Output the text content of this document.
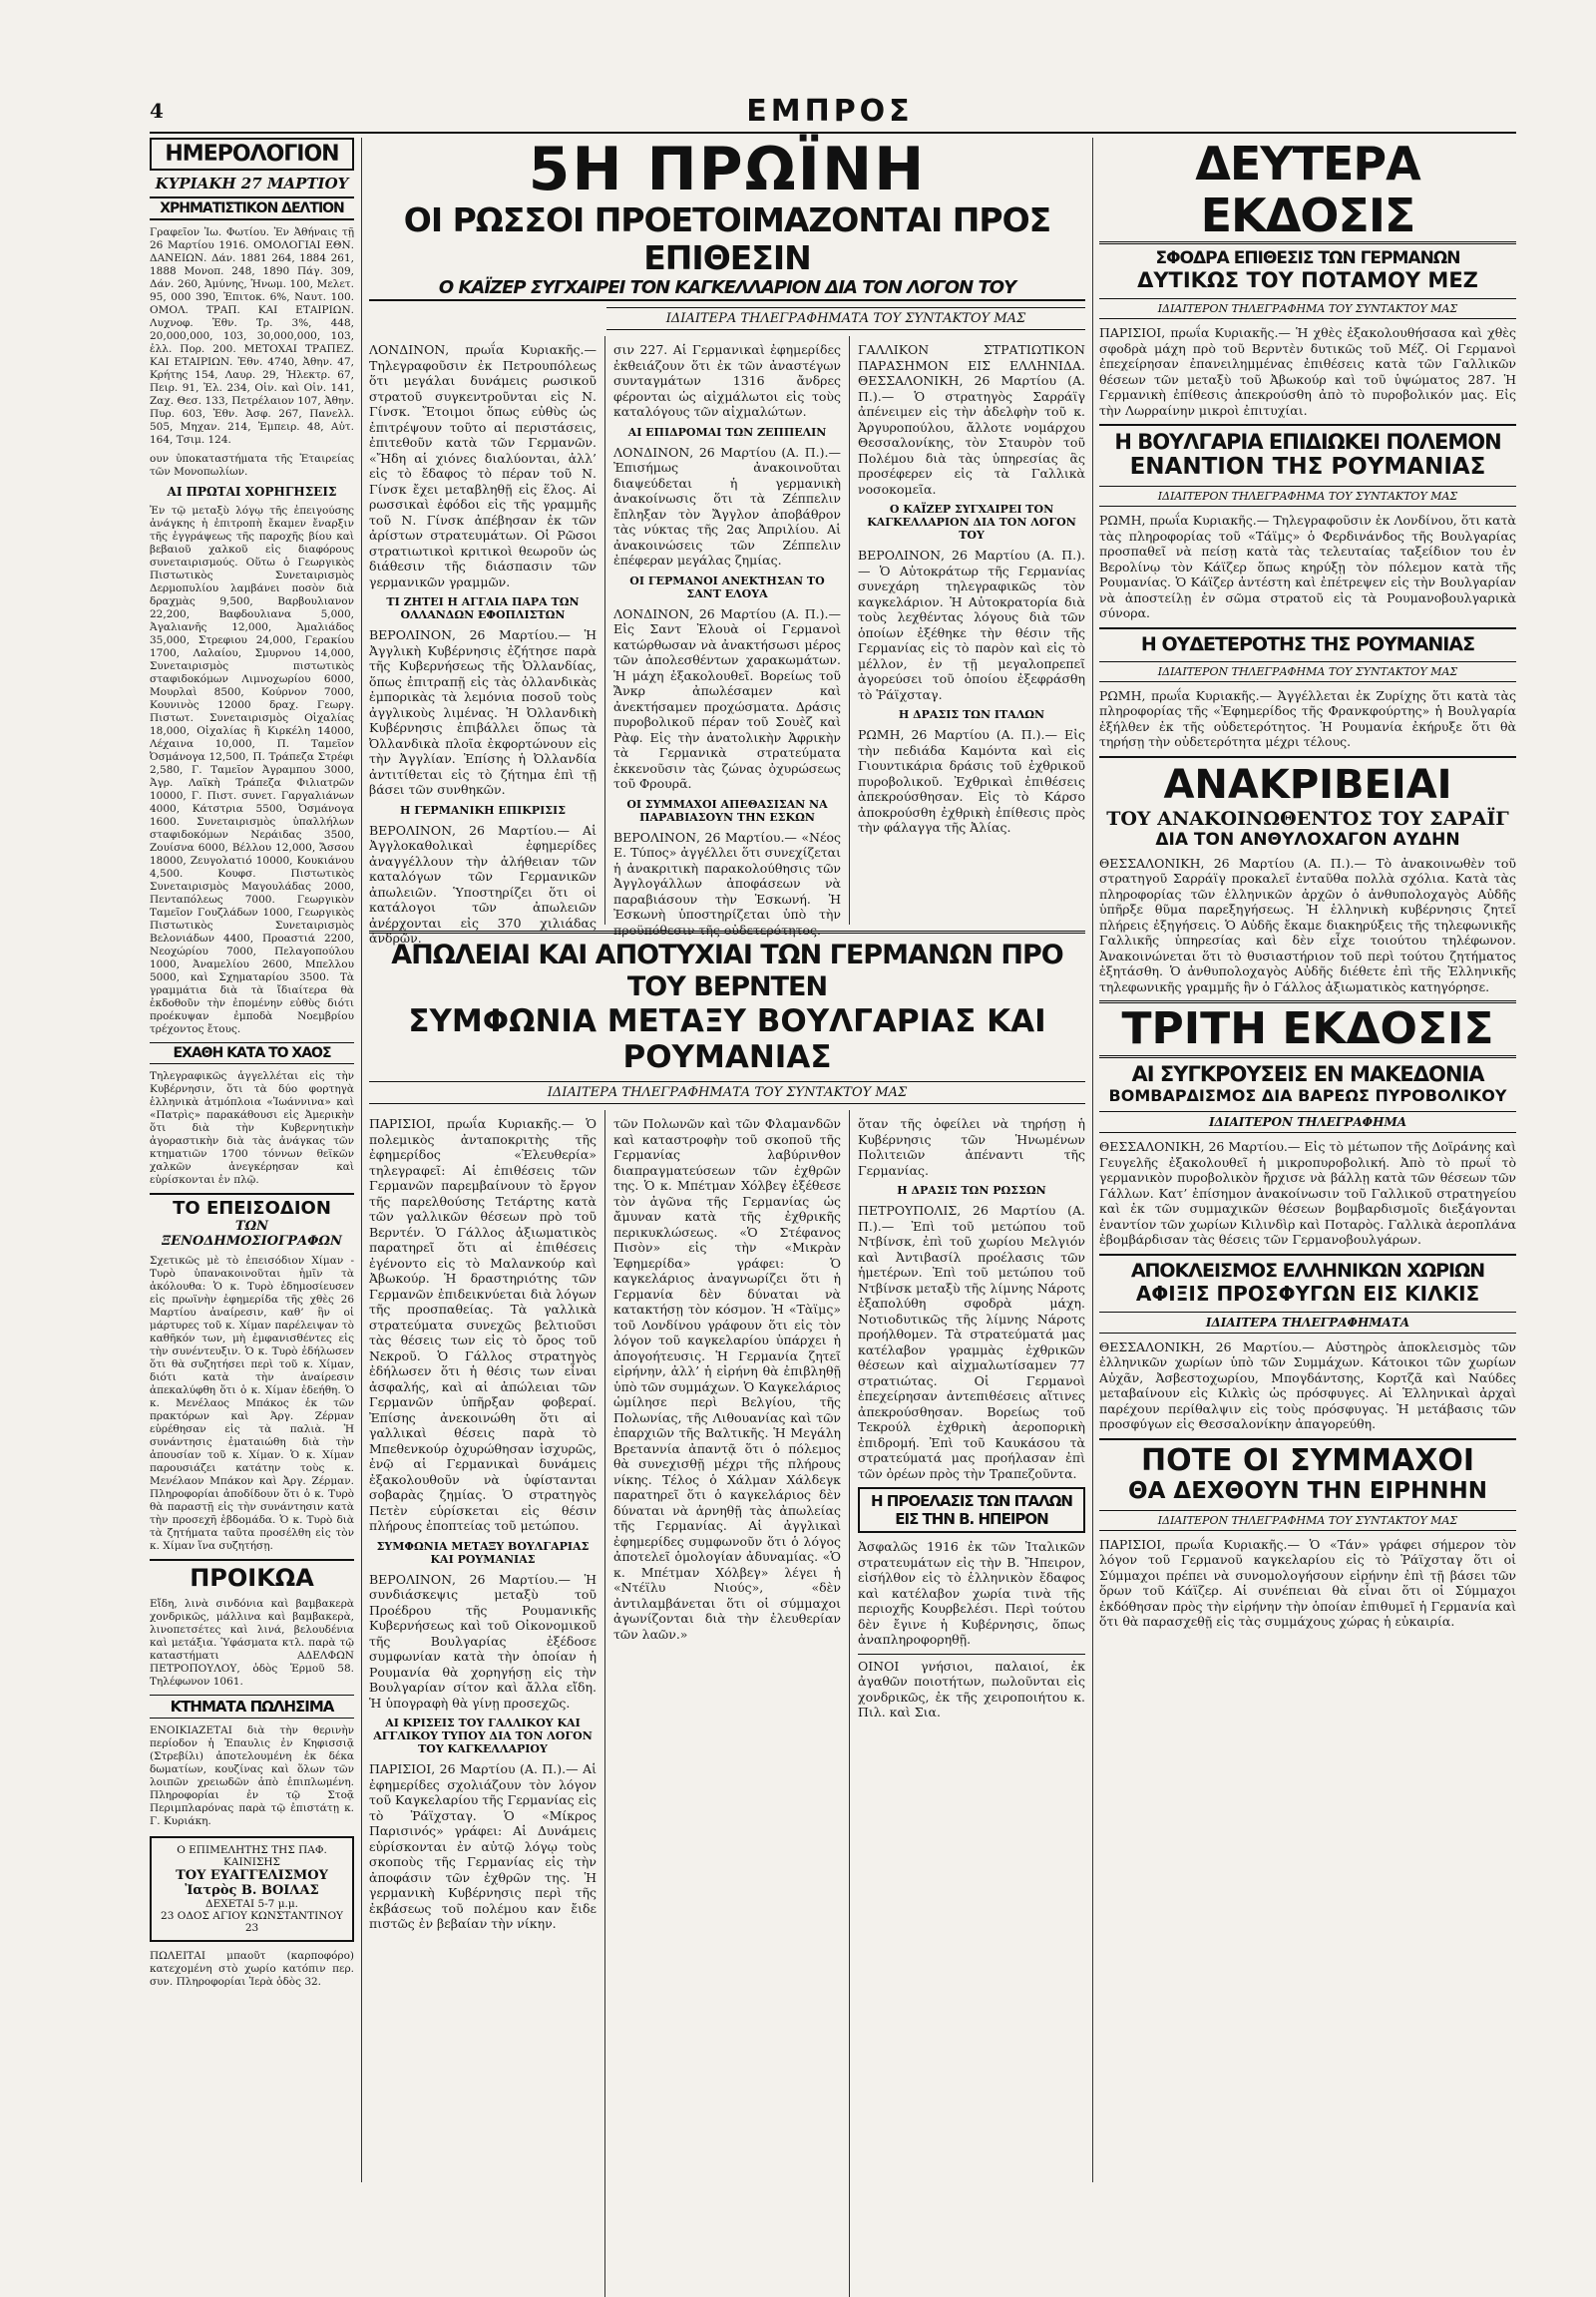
4	ΕΜΠΡΟΣ
ΗΜΕΡΟΛΟΓΙΟΝ
ΚΥΡΙΑΚΗ 27 ΜΑΡΤΙΟΥ
ΧΡΗΜΑΤΙΣΤΙΚΟΝ ΔΕΛΤΙΟΝ

Γραφεῖον Ἰω. Φωτίου. Ἐν Ἀθήναις τῇ 26 Μαρτίου 1916. ΟΜΟΛΟΓΙΑΙ ΕΘΝ. ΔΑΝΕΙΩΝ. Δάν. 1881 264, 1884 261, 1888 Μονοπ. 248, 1890 Πάγ. 309, Δάν. 260, Ἀμύνης, Ἠνωμ. 100, Μελετ. 95, 000 390, Ἐπιτοκ. 6%, Ναυτ. 100. ΟΜΟΛ. ΤΡΑΠ. ΚΑΙ ΕΤΑΙΡΙΩΝ. Λυχνοφ. Ἐθν. Τρ. 3%, 448, 20,000,000, 103, 30,000,000, 103, ἐλλ. Πορ. 200. ΜΕΤΟΧΑΙ ΤΡΑΠΕΖ. ΚΑΙ ΕΤΑΙΡΙΩΝ. Ἐθν. 4740, Ἀθην. 47, Κρήτης 154, Λαυρ. 29, Ἠλεκτρ. 67, Πειρ. 91, Ἐλ. 234, Οἰν. καὶ Οἰν. 141, Ζαχ. Θεσ. 133, Πετρέλαιον 107, Ἀθην. Πυρ. 603, Ἐθν. Ἀσφ. 267, Πανελλ. 505, Μηχαν. 214, Ἐμπειρ. 48, Αὐτ. 164, Τσιμ. 124.

ουν ὑποκαταστήματα τῆς Ἑταιρείας τῶν Μονοπωλίων.

ΑΙ ΠΡΩΤΑΙ ΧΟΡΗΓΗΣΕΙΣ

Ἐν τῷ μεταξὺ λόγῳ τῆς ἐπειγούσης ἀνάγκης ἡ ἐπιτροπὴ ἔκαμεν ἔναρξιν τῆς ἐγγράψεως τῆς παροχῆς βίου καὶ βεβαιοῦ χαλκοῦ εἰς διαφόρους συνεταιρισμούς. Οὕτω ὁ Γεωργικὸς Πιστωτικὸς Συνεταιρισμὸς Δερμοπυλίου λαμβάνει ποσὸν διὰ δραχμὰς 9,500, Βαρβουλιανον 22,200, Βαφδουλιανα 5,000, Ἀγαλιανῆς 12,000, Ἀμαλιάδος 35,000, Στρεφιου 24,000, Γερακίου 1700, Λαλαίου, Σμυρνου 14,000, Συνεταιρισμὸς πιστωτικὸς σταφιδοκόμων Λιμνοχωρίου 6000, Μουρλαὶ 8500, Κούρνον 7000, Κουνινὸς 12000 δραχ. Γεωργ. Πιστωτ. Συνεταιρισμὸς Οἰχαλίας 18,000, Οἰχαλίας ἢ Κιρκέλη 14000, Λέχαινα 10,000, Π. Ταμεῖον Ὀσμάνογα 12,500, Π. Τράπεζα Στρέφι 2,580, Γ. Ταμεῖον Ἀγραμπου 3000, Ἀγρ. Λαϊκὴ Τράπεζα Φιλιατρῶν 10000, Γ. Πιστ. συνετ. Γαργαλιάνων 4000, Κάτστρια 5500, Ὀσμάνογα 1600. Συνεταιρισμὸς ὑπαλλήλων σταφιδοκόμων Νεράιδας 3500, Ζουίσνα 6000, Βέλλου 12,000, Ἄσσου 18000, Ζευγολατιό 10000, Κουκιάνου 4,500. Κουφσ. Πιστωτικὸς Συνεταιρισμὸς Μαγουλάδας 2000, Πενταπόλεως 7000. Γεωργικὸν Ταμεῖον Γουζλάδων 1000, Γεωργικὸς Πιστωτικὸς Συνεταιρισμὸς Βελονιάδων 4400, Προαστιά 2200, Νεοχώρίου 7000, Πελαγοπούλου 1000, Ἀναμελίου 2600, Μπελλου 5000, καὶ Σχηματαρίου 3500. Τὰ γραμμάτια διὰ τὰ ἴδιαίτερα θὰ ἐκδοθοῦν τὴν ἐπομένην εὐθὺς διότι προέκυψαν ἐμποδὰ Νοεμβρίου τρέχοντος ἔτους.

ΕΧΑΘΗ ΚΑΤΑ ΤΟ ΧΑΟΣ

Τηλεγραφικῶς ἀγγελλέται εἰς τὴν Κυβέρνησιν, ὅτι τὰ δύο φορτηγὰ ἑλληνικὰ ἀτμόπλοια «Ἰωάννινα» καὶ «Πατρὶς» παρακάθουσι εἰς Ἀμερικὴν ὅτι διὰ τὴν Κυβερνητικὴν ἀγοραστικὴν διὰ τὰς ἀνάγκας τῶν κτηματιῶν 1700 τόννων θεϊκῶν χαλκῶν ἀνεγκέρησαν καὶ εὑρίσκονται ἐν πλῷ.

ΤΟ ΕΠΕΙΣΟΔΙΟΝ
ΤΩΝ ΞΕΝΟΔΗΜΟΣΙΟΓΡΑΦΩΝ

Σχετικῶς μὲ τὸ ἐπεισόδιον Χίμαν - Τυρὸ ὑπανακοινοῦται ἡμῖν τὰ ἀκόλουθα: Ὁ κ. Τυρὸ ἐδημοσίευσεν εἰς πρωϊνὴν ἐφημερίδα τῆς χθὲς 26 Μαρτίου ἀναίρεσιν, καθ’ ἣν οἱ μάρτυρες τοῦ κ. Χίμαν παρέλειψαν τὸ καθῆκόν των, μὴ ἐμφανισθέντες εἰς τὴν συνέντευξιν. Ὁ κ. Τυρὸ ἐδήλωσεν ὅτι θὰ συζητήσει περὶ τοῦ κ. Χίμαν, διότι κατὰ τὴν ἀναίρεσιν ἀπεκαλύφθη ὅτι ὁ κ. Χίμαν ἐδεήθη. Ὁ κ. Μενέλαος Μπάκος ἐκ τῶν πρακτόρων καὶ Ἀργ. Ζέρμαν εὑρέθησαν εἰς τὰ παλιὰ. Ἡ συνάντησις ἐματαιώθη διὰ τὴν ἀπουσίαν τοῦ κ. Χίμαν. Ὁ κ. Χίμαν παρουσιάζει κατάτην τοὺς κ. Μενέλαον Μπάκον καὶ Ἀργ. Ζέρμαν. Πληροφορίαι ἀποδίδουν ὅτι ὁ κ. Τυρὸ θὰ παραστῇ εἰς τὴν συνάντησιν κατὰ τὴν προσεχῆ ἑβδομάδα. Ὁ κ. Τυρὸ διὰ τὰ ζητήματα ταῦτα προσέλθη εἰς τὸν κ. Χίμαν ἵνα συζητήσῃ.

ΠΡΟΙΚΩΑ

Εἴδη, λινὰ σινδόνια καὶ βαμβακερὰ χονδρικῶς, μάλλινα καὶ βαμβακερὰ, λινοπετσέτες καὶ λινά, βελουδένια καὶ μετάξια. Ὑφάσματα κτλ. παρὰ τῷ καταστήματι ΑΔΕΛΦΩΝ ΠΕΤΡΟΠΟΥΛΟΥ, ὁδὸς Ἑρμοῦ 58. Τηλέφωνον 1061.

ΚΤΗΜΑΤΑ ΠΩΛΗΣΙΜΑ

ΕΝΟΙΚΙΑΖΕΤΑΙ διὰ τὴν θερινὴν περίοδον ἡ Ἐπαυλις ἐν Κηφισσιᾷ (Στρεβίλι) ἀποτελουμένη ἐκ δέκα δωματίων, κουζίνας καὶ ὅλων τῶν λοιπῶν χρειωδῶν ἀπὸ ἐπιπλωμένη. Πληροφορίαι ἐν τῷ Στοᾷ Περιμπλαρόνας παρὰ τῷ ἐπιστάτῃ κ. Γ. Κυριάκη.

Ο ΕΠΙΜΕΛΗΤΗΣ ΤΗΣ ΠΑΦ. ΚΑΙΝΙΣΗΣ
ΤΟΥ ΕΥΑΓΓΕΛΙΣΜΟΥ
Ἰατρὸς Β. ΒΟΙΛΑΣ
ΔΕΧΕΤΑΙ 5-7 μ.μ.
23 ΟΔΟΣ ΑΓΙΟΥ ΚΩΝΣΤΑΝΤΙΝΟΥ 23

ΠΩΛΕΙΤΑΙ μπαοῦτ (καρποφόρο) κατεχομένη στὸ χωρίο κατόπιν περ. συν. Πληροφορίαι Ἱερὰ ὁδὸς 32.

5Η ΠΡΩΪΝΗ
ΟΙ ΡΩΣΣΟΙ ΠΡΟΕΤΟΙΜΑΖΟΝΤΑΙ ΠΡΟΣ ΕΠΙΘΕΣΙΝ
Ο ΚΑΪΖΕΡ ΣΥΓΧΑΙΡΕΙ ΤΟΝ ΚΑΓΚΕΛΛΑΡΙΟΝ ΔΙΑ ΤΟΝ ΛΟΓΟΝ ΤΟΥ
ΙΔΙΑΙΤΕΡΑ ΤΗΛΕΓΡΑΦΗΜΑΤΑ ΤΟΥ ΣΥΝΤΑΚΤΟΥ ΜΑΣ

ΛΟΝΔΙΝΟΝ, πρωΐα Κυριακῆς.— Τηλεγραφοῦσιν ἐκ Πετρουπόλεως ὅτι μεγάλαι δυνάμεις ρωσικοῦ στρατοῦ συγκεντροῦνται εἰς Ν. Γίνσκ. Ἔτοιμοι ὅπως εὐθὺς ὡς ἐπιτρέψουν τοῦτο αἱ περιστάσεις, ἐπιτεθοῦν κατὰ τῶν Γερμανῶν. «Ἤδη αἱ χιόνες διαλύονται, ἀλλ’ εἰς τὸ ἔδαφος τὸ πέραν τοῦ Ν. Γίνσκ ἔχει μεταβληθῇ εἰς ἕλος. Αἱ ρωσσικαὶ ἐφόδοι εἰς τῆς γραμμῆς τοῦ Ν. Γίνσκ ἀπέβησαν ἐκ τῶν ἀρίστων στρατευμάτων. Οἱ Ρῶσοι στρατιωτικοὶ κριτικοὶ θεωροῦν ὡς διάθεσιν τῆς διάσπασιν τῶν γερμανικῶν γραμμῶν.

ΤΙ ΖΗΤΕΙ Η ΑΓΓΛΙΑ ΠΑΡΑ ΤΩΝ ΟΛΛΑΝΔΩΝ ΕΦΟΠΛΙΣΤΩΝ

ΒΕΡΟΛΙΝΟΝ, 26 Μαρτίου.— Ἡ Ἀγγλικὴ Κυβέρνησις ἐζήτησε παρὰ τῆς Κυβερνήσεως τῆς Ὀλλανδίας, ὅπως ἐπιτραπῇ εἰς τὰς ὀλλανδικὰς ἐμπορικὰς τὰ λεμόνια ποσοῦ τοὺς ἀγγλικοὺς λιμένας. Ἡ Ὀλλανδικὴ Κυβέρνησις ἐπιβάλλει ὅπως τὰ Ὀλλανδικὰ πλοῖα ἐκφορτώνουν εἰς τὴν Ἀγγλίαν. Ἐπίσης ἡ Ὀλλανδία ἀντιτίθεται εἰς τὸ ζήτημα ἐπὶ τῇ βάσει τῶν συνθηκῶν.

Η ΓΕΡΜΑΝΙΚΗ ΕΠΙΚΡΙΣΙΣ

ΒΕΡΟΛΙΝΟΝ, 26 Μαρτίου.— Αἱ Ἀγγλοκαθολικαὶ ἐφημερίδες ἀναγγέλλουν τὴν ἀλήθειαν τῶν καταλόγων τῶν Γερμανικῶν ἀπωλειῶν. Ὑποστηρίζει ὅτι οἱ κατάλογοι τῶν ἀπωλειῶν ἀνέρχονται εἰς 370 χιλιάδας ἀνδρῶν.

σιν 227. Αἱ Γερμανικαὶ ἐφημερίδες ἐκθειάζουν ὅτι ἐκ τῶν ἀναστέγων συνταγμάτων 1316 ἄνδρες φέρονται ὡς αἰχμάλωτοι εἰς τοὺς καταλόγους τῶν αἰχμαλώτων.

ΑΙ ΕΠΙΔΡΟΜΑΙ ΤΩΝ ΖΕΠΠΕΛΙΝ

ΛΟΝΔΙΝΟΝ, 26 Μαρτίου (Α. Π.).— Ἐπισήμως ἀνακοινοῦται διαψεύδεται ἡ γερμανικὴ ἀνακοίνωσις ὅτι τὰ Ζέππελιν ἔπληξαν τὸν Ἄγγλον ἀποβάθρον τὰς νύκτας τῆς 2ας Ἀπριλίου. Αἱ ἀνακοινώσεις τῶν Ζέππελιν ἐπέφεραν μεγάλας ζημίας.

ΟΙ ΓΕΡΜΑΝΟΙ ΑΝΕΚΤΗΣΑΝ ΤΟ ΣΑΝΤ ΕΛΟΥΑ

ΛΟΝΔΙΝΟΝ, 26 Μαρτίου (Α. Π.).— Εἰς Σαντ Ἐλουὰ οἱ Γερμανοὶ κατώρθωσαν νὰ ἀνακτήσωσι μέρος τῶν ἀπολεσθέντων χαρακωμάτων. Ἡ μάχη ἐξακολουθεῖ. Βορείως τοῦ Ἄνκρ ἀπωλέσαμεν καὶ ἀνεκτήσαμεν προχώσματα. Δράσις πυροβολικοῦ πέραν τοῦ Σουὲζ καὶ Ρὰφ. Εἰς τὴν ἀνατολικὴν Ἀφρικὴν τὰ Γερμανικὰ στρατεύματα ἐκκενοῦσιν τὰς ζώνας ὀχυρώσεως τοῦ Φρουρᾶ.

ΟΙ ΣΥΜΜΑΧΟΙ ΑΠΕΘΑΣΙΣΑΝ ΝΑ ΠΑΡΑΒΙΑΣΟΥΝ ΤΗΝ ΕΣΚΩΝ

ΒΕΡΟΛΙΝΟΝ, 26 Μαρτίου.— «Νέος Ε. Τύπος» ἀγγέλλει ὅτι συνεχίζεται ἡ ἀνακριτικὴ παρακολούθησις τῶν Ἀγγλογάλλων ἀποφάσεων νὰ παραβιάσουν τὴν Ἑσκωνή. Ἡ Ἐσκωνὴ ὑποστηρίζεται ὑπὸ τὴν προϋπόθεσιν τῆς οὐδετερότητος.

ΓΑΛΛΙΚΟΝ ΣΤΡΑΤΙΩΤΙΚΟΝ ΠΑΡΑΣΗΜΟΝ ΕΙΣ ΕΛΛΗΝΙΔΑ. ΘΕΣΣΑΛΟΝΙΚΗ, 26 Μαρτίου (Α. Π.).— Ὁ στρατηγὸς Σαρράϊγ ἀπένειμεν εἰς τὴν ἀδελφὴν τοῦ κ. Ἀργυροπούλου, ἄλλοτε νομάρχου Θεσσαλονίκης, τὸν Σταυρὸν τοῦ Πολέμου διὰ τὰς ὑπηρεσίας ἃς προσέφερεν εἰς τὰ Γαλλικὰ νοσοκομεῖα.

Ο ΚΑΪΖΕΡ ΣΥΓΧΑΙΡΕΙ ΤΟΝ ΚΑΓΚΕΛΛΑΡΙΟΝ ΔΙΑ ΤΟΝ ΛΟΓΟΝ ΤΟΥ

ΒΕΡΟΛΙΝΟΝ, 26 Μαρτίου (Α. Π.).— Ὁ Αὐτοκράτωρ τῆς Γερμανίας συνεχάρη τηλεγραφικῶς τὸν καγκελάριον. Ἡ Αὐτοκρατορία διὰ τοὺς λεχθέντας λόγους διὰ τῶν ὁποίων ἐξέθηκε τὴν θέσιν τῆς Γερμανίας εἰς τὸ παρὸν καὶ εἰς τὸ μέλλον, ἐν τῇ μεγαλοπρεπεῖ ἀγορεύσει τοῦ ὁποίου ἐξεφράσθη τὸ Ῥάϊχσταγ.

Η ΔΡΑΣΙΣ ΤΩΝ ΙΤΑΛΩΝ

ΡΩΜΗ, 26 Μαρτίου (Α. Π.).— Εἰς τὴν πεδιάδα Καμόντα καὶ εἰς Γιουντικάρια δράσις τοῦ ἐχθρικοῦ πυροβολικοῦ. Ἐχθρικαὶ ἐπιθέσεις ἀπεκρούσθησαν. Εἰς τὸ Κάρσο ἀποκρούσθη ἐχθρικὴ ἐπίθεσις πρὸς τὴν φάλαγγα τῆς Ἀλίας.

ΑΠΩΛΕΙΑΙ ΚΑΙ ΑΠΟΤΥΧΙΑΙ ΤΩΝ ΓΕΡΜΑΝΩΝ ΠΡΟ ΤΟΥ ΒΕΡΝΤΕΝ
ΣΥΜΦΩΝΙΑ ΜΕΤΑΞΥ ΒΟΥΛΓΑΡΙΑΣ ΚΑΙ ΡΟΥΜΑΝΙΑΣ
ΙΔΙΑΙΤΕΡΑ ΤΗΛΕΓΡΑΦΗΜΑΤΑ ΤΟΥ ΣΥΝΤΑΚΤΟΥ ΜΑΣ

ΠΑΡΙΣΙΟΙ, πρωΐα Κυριακῆς.— Ὁ πολεμικὸς ἀνταποκριτὴς τῆς ἐφημερίδος «Ἐλευθερία» τηλεγραφεῖ: Αἱ ἐπιθέσεις τῶν Γερμανῶν παρεμβαίνουν τὸ ἔργον τῆς παρελθούσης Τετάρτης κατὰ τῶν γαλλικῶν θέσεων πρὸ τοῦ Βερντέν. Ὁ Γάλλος ἀξιωματικὸς παρατηρεῖ ὅτι αἱ ἐπιθέσεις ἐγένοντο εἰς τὸ Μαλανκούρ καὶ Ἀβωκούρ. Ἡ δραστηριότης τῶν Γερμανῶν ἐπιδεικνύεται διὰ λόγων τῆς προσπαθείας. Τὰ γαλλικὰ στρατεύματα συνεχῶς βελτιοῦσι τὰς θέσεις των εἰς τὸ ὄρος τοῦ Νεκροῦ. Ὁ Γάλλος στρατηγὸς ἐδήλωσεν ὅτι ἡ θέσις των εἶναι ἀσφαλής, καὶ αἱ ἀπώλειαι τῶν Γερμανῶν ὑπῆρξαν φοβεραί. Ἐπίσης ἀνεκοινώθη ὅτι αἱ γαλλικαὶ θέσεις παρὰ τὸ Μπεθενκούρ ὀχυρώθησαν ἰσχυρῶς, ἐνῷ αἱ Γερμανικαὶ δυνάμεις ἐξακολουθοῦν νὰ ὑφίστανται σοβαρὰς ζημίας. Ὁ στρατηγὸς Πετὲν εὑρίσκεται εἰς θέσιν πλήρους ἐποπτείας τοῦ μετώπου.

ΣΥΜΦΩΝΙΑ ΜΕΤΑΞΥ ΒΟΥΛΓΑΡΙΑΣ ΚΑΙ ΡΟΥΜΑΝΙΑΣ

ΒΕΡΟΛΙΝΟΝ, 26 Μαρτίου.— Ἡ συνδιάσκεψις μεταξὺ τοῦ Προέδρου τῆς Ρουμανικῆς Κυβερνήσεως καὶ τοῦ Οἰκονομικοῦ τῆς Βουλγαρίας ἐξέδοσε συμφωνίαν κατὰ τὴν ὁποίαν ἡ Ρουμανία θὰ χορηγήσῃ εἰς τὴν Βουλγαρίαν σίτον καὶ ἄλλα εἴδη. Ἡ ὑπογραφὴ θὰ γίνῃ προσεχῶς.

ΑΙ ΚΡΙΣΕΙΣ ΤΟΥ ΓΑΛΛΙΚΟΥ ΚΑΙ ΑΓΓΛΙΚΟΥ ΤΥΠΟΥ ΔΙΑ ΤΟΝ ΛΟΓΟΝ ΤΟΥ ΚΑΓΚΕΛΛΑΡΙΟΥ

ΠΑΡΙΣΙΟΙ, 26 Μαρτίου (Α. Π.).— Αἱ ἐφημερίδες σχολιάζουν τὸν λόγον τοῦ Καγκελαρίου τῆς Γερμανίας εἰς τὸ Ῥάϊχσταγ. Ὁ «Μίκρος Παρισινός» γράφει: Αἱ Δυνάμεις εὑρίσκονται ἐν αὐτῷ λόγῳ τοὺς σκοποὺς τῆς Γερμανίας εἰς τὴν ἀποφάσιν τῶν ἐχθρῶν της. Ἡ γερμανικὴ Κυβέρνησις περὶ τῆς ἐκβάσεως τοῦ πολέμου καν ἔιδε πιστῶς ἐν βεβαίαν τὴν νίκην.

τῶν Πολωνῶν καὶ τῶν Φλαμανδῶν καὶ καταστροφὴν τοῦ σκοποῦ τῆς Γερμανίας λαβύρινθον διαπραγματεύσεων τῶν ἐχθρῶν της. Ὁ κ. Μπέτμαν Χόλβεγ ἐξέθεσε τὸν ἀγῶνα τῆς Γερμανίας ὡς ἄμυναν κατὰ τῆς ἐχθρικῆς περικυκλώσεως. «Ὁ Στέφανος Πισὸν» εἰς τὴν «Μικρὰν Ἐφημερίδα» γράφει: Ὁ καγκελάριος ἀναγνωρίζει ὅτι ἡ Γερμανία δὲν δύναται νὰ κατακτήσῃ τὸν κόσμον. Ἡ «Τὰϊμς» τοῦ Λονδίνου γράφουν ὅτι εἰς τὸν λόγον τοῦ καγκελαρίου ὑπάρχει ἡ ἀπογοήτευσις. Ἡ Γερμανία ζητεῖ εἰρήνην, ἀλλ’ ἡ εἰρήνη θὰ ἐπιβληθῇ ὑπὸ τῶν συμμάχων. Ὁ Καγκελάριος ὡμίλησε περὶ Βελγίου, τῆς Πολωνίας, τῆς Λιθουανίας καὶ τῶν ἐπαρχιῶν τῆς Βαλτικῆς. Ἡ Μεγάλη Βρεταννία ἀπαντᾷ ὅτι ὁ πόλεμος θὰ συνεχισθῇ μέχρι τῆς πλήρους νίκης. Τέλος ὁ Χάλμαν Χάλδεγκ παρατηρεῖ ὅτι ὁ καγκελάριος δὲν δύναται νὰ ἀρνηθῇ τὰς ἀπωλείας τῆς Γερμανίας. Αἱ ἀγγλικαὶ ἐφημερίδες συμφωνοῦν ὅτι ὁ λόγος ἀποτελεῖ ὁμολογίαν ἀδυναμίας. «Ὁ κ. Μπέτμαν Χόλβεγ» λέγει ἡ «Ντέϊλυ Νιούς», «δὲν ἀντιλαμβάνεται ὅτι οἱ σύμμαχοι ἀγωνίζονται διὰ τὴν ἐλευθερίαν τῶν λαῶν.»

ὅταν τῆς ὀφείλει νὰ τηρήσῃ ἡ Κυβέρνησις τῶν Ἡνωμένων Πολιτειῶν ἀπέναντι τῆς Γερμανίας.

Η ΔΡΑΣΙΣ ΤΩΝ ΡΩΣΣΩΝ

ΠΕΤΡΟΥΠΟΛΙΣ, 26 Μαρτίου (Α. Π.).— Ἐπὶ τοῦ μετώπου τοῦ Ντβίνσκ, ἐπὶ τοῦ χωρίου Μελγιόν καὶ Ἀντιβασίλ προέλασις τῶν ἡμετέρων. Ἐπὶ τοῦ μετώπου τοῦ Ντβίνσκ μεταξὺ τῆς λίμνης Νάροτς ἐξαπολύθη σφοδρὰ μάχη. Νοτιοδυτικῶς τῆς λίμνης Νάροτς προήλθομεν. Τὰ στρατεύματά μας κατέλαβον γραμμὰς ἐχθρικῶν θέσεων καὶ αἰχμαλωτίσαμεν 77 στρατιώτας. Οἱ Γερμανοὶ ἐπεχείρησαν ἀντεπιθέσεις αἵτινες ἀπεκρούσθησαν. Βορείως τοῦ Τεκρούλ ἐχθρικὴ ἀεροπορικὴ ἐπιδρομή. Ἐπὶ τοῦ Καυκάσου τὰ στρατεύματά μας προήλασαν ἐπὶ τῶν ὀρέων πρὸς τὴν Τραπεζοῦντα.

Η ΠΡΟΕΛΑΣΙΣ ΤΩΝ ΙΤΑΛΩΝ ΕΙΣ ΤΗΝ Β. ΗΠΕΙΡΟΝ

Ἀσφαλῶς 1916 ἐκ τῶν Ἰταλικῶν στρατευμάτων εἰς τὴν Β. Ἤπειρον, εἰσήλθον εἰς τὸ ἑλληνικὸν ἔδαφος καὶ κατέλαβον χωρία τινὰ τῆς περιοχῆς Κουρβελέσι. Περὶ τούτου δὲν ἔγινε ἡ Κυβέρνησις, ὅπως ἀναπληροφορηθῇ.

ΟΙΝΟΙ γνήσιοι, παλαιοί, ἐκ ἀγαθῶν ποιοτήτων, πωλοῦνται εἰς χονδρικῶς, ἐκ τῆς χειροποιήτου κ. Πιλ. καὶ Σια.

ΔΕΥΤΕΡΑ ΕΚΔΟΣΙΣ
ΣΦΟΔΡΑ ΕΠΙΘΕΣΙΣ ΤΩΝ ΓΕΡΜΑΝΩΝ
ΔΥΤΙΚΩΣ ΤΟΥ ΠΟΤΑΜΟΥ ΜΕΖ
ΙΔΙΑΙΤΕΡΟΝ ΤΗΛΕΓΡΑΦΗΜΑ ΤΟΥ ΣΥΝΤΑΚΤΟΥ ΜΑΣ

ΠΑΡΙΣΙΟΙ, πρωΐα Κυριακῆς.— Ἡ χθὲς ἐξακολουθήσασα καὶ χθὲς σφοδρὰ μάχη πρὸ τοῦ Βερντὲν δυτικῶς τοῦ Μέζ. Οἱ Γερμανοὶ ἐπεχείρησαν ἐπανειλημμένας ἐπιθέσεις κατὰ τῶν Γαλλικῶν θέσεων τῶν μεταξὺ τοῦ Ἀβωκούρ καὶ τοῦ ὑψώματος 287. Ἡ Γερμανικὴ ἐπίθεσις ἀπεκρούσθη ἀπὸ τὸ πυροβολικόν μας. Εἰς τὴν Λωρραίνην μικροὶ ἐπιτυχίαι.

Η ΒΟΥΛΓΑΡΙΑ ΕΠΙΔΙΩΚΕΙ ΠΟΛΕΜΟΝ
ΕΝΑΝΤΙΟΝ ΤΗΣ ΡΟΥΜΑΝΙΑΣ
ΙΔΙΑΙΤΕΡΟΝ ΤΗΛΕΓΡΑΦΗΜΑ ΤΟΥ ΣΥΝΤΑΚΤΟΥ ΜΑΣ

ΡΩΜΗ, πρωΐα Κυριακῆς.— Τηλεγραφοῦσιν ἐκ Λονδίνου, ὅτι κατὰ τὰς πληροφορίας τοῦ «Τάϊμς» ὁ Φερδινάνδος τῆς Βουλγαρίας προσπαθεῖ νὰ πείσῃ κατὰ τὰς τελευταίας ταξείδιον του ἐν Βερολίνῳ τὸν Κάϊζερ ὅπως κηρύξῃ τὸν πόλεμον κατὰ τῆς Ρουμανίας. Ὁ Κάϊζερ ἀντέστη καὶ ἐπέτρεψεν εἰς τὴν Βουλγαρίαν νὰ ἀποστείλῃ ἐν σῶμα στρατοῦ εἰς τὰ Ρουμανοβουλγαρικὰ σύνορα.

Η ΟΥΔΕΤΕΡΟΤΗΣ ΤΗΣ ΡΟΥΜΑΝΙΑΣ
ΙΔΙΑΙΤΕΡΟΝ ΤΗΛΕΓΡΑΦΗΜΑ ΤΟΥ ΣΥΝΤΑΚΤΟΥ ΜΑΣ

ΡΩΜΗ, πρωΐα Κυριακῆς.— Ἀγγέλλεται ἐκ Ζυρίχης ὅτι κατὰ τὰς πληροφορίας τῆς «Ἐφημερίδος τῆς Φρανκφούρτης» ἡ Βουλγαρία ἐξήλθεν ἐκ τῆς οὐδετερότητος. Ἡ Ρουμανία ἐκήρυξε ὅτι θὰ τηρήσῃ τὴν οὐδετερότητα μέχρι τέλους.

ΑΝΑΚΡΙΒΕΙΑΙ
ΤΟΥ ΑΝΑΚΟΙΝΩΘΕΝΤΟΣ ΤΟΥ ΣΑΡΑΪΓ
ΔΙΑ ΤΟΝ ΑΝΘΥΛΟΧΑΓΟΝ ΑΥΔΗΝ

ΘΕΣΣΑΛΟΝΙΚΗ, 26 Μαρτίου (Α. Π.).— Τὸ ἀνακοινωθὲν τοῦ στρατηγοῦ Σαρράϊγ προκαλεῖ ἐνταῦθα πολλὰ σχόλια. Κατὰ τὰς πληροφορίας τῶν ἑλληνικῶν ἀρχῶν ὁ ἀνθυπολοχαγὸς Αὐδῆς ὑπῆρξε θῦμα παρεξηγήσεως. Ἡ ἑλληνικὴ κυβέρνησις ζητεῖ πλήρεις ἐξηγήσεις. Ὁ Αὐδῆς ἔκαμε διακηρύξεις τῆς τηλεφωνικῆς Γαλλικῆς ὑπηρεσίας καὶ δὲν εἶχε τοιούτου τηλέφωνον. Ἀνακοινώνεται ὅτι τὸ θυσιαστήριον τοῦ περὶ τούτου ζητήματος ἐξητάσθη. Ὁ ἀνθυπολοχαγὸς Αὐδῆς διέθετε ἐπὶ τῆς Ἑλληνικῆς τηλεφωνικῆς γραμμῆς ἣν ὁ Γάλλος ἀξιωματικὸς κατηγόρησε.

ΤΡΙΤΗ ΕΚΔΟΣΙΣ
ΑΙ ΣΥΓΚΡΟΥΣΕΙΣ ΕΝ ΜΑΚΕΔΟΝΙΑ
ΒΟΜΒΑΡΔΙΣΜΟΣ ΔΙΑ ΒΑΡΕΩΣ ΠΥΡΟΒΟΛΙΚΟΥ
ΙΔΙΑΙΤΕΡΟΝ ΤΗΛΕΓΡΑΦΗΜΑ

ΘΕΣΣΑΛΟΝΙΚΗ, 26 Μαρτίου.— Εἰς τὸ μέτωπον τῆς Δοϊράνης καὶ Γευγελῆς ἐξακολουθεῖ ἡ μικροπυροβολική. Ἀπὸ τὸ πρωΐ τὸ γερμανικὸν πυροβολικὸν ἤρχισε νὰ βάλλῃ κατὰ τῶν θέσεων τῶν Γάλλων. Κατ’ ἐπίσημον ἀνακοίνωσιν τοῦ Γαλλικοῦ στρατηγείου καὶ ἐκ τῶν συμμαχικῶν θέσεων βομβαρδισμοῖς διεξάγονται ἐναντίον τῶν χωρίων Κιλινδὶρ καὶ Ποταρὸς. Γαλλικὰ ἀεροπλάνα ἐβομβάρδισαν τὰς θέσεις τῶν Γερμανοβουλγάρων.

ΑΠΟΚΛΕΙΣΜΟΣ ΕΛΛΗΝΙΚΩΝ ΧΩΡΙΩΝ
ΑΦΙΞΙΣ ΠΡΟΣΦΥΓΩΝ ΕΙΣ ΚΙΛΚΙΣ
ΙΔΙΑΙΤΕΡΑ ΤΗΛΕΓΡΑΦΗΜΑΤΑ

ΘΕΣΣΑΛΟΝΙΚΗ, 26 Μαρτίου.— Αὐστηρὸς ἀποκλεισμὸς τῶν ἐλληνικῶν χωρίων ὑπὸ τῶν Συμμάχων. Κάτοικοι τῶν χωρίων Αὐχᾶν, Ἀσβεστοχωρίου, Μπογδάντσης, Κορτζᾶ καὶ Ναύδες μεταβαίνουν εἰς Κιλκὶς ὡς πρόσφυγες. Αἱ Ἑλληνικαὶ ἀρχαὶ παρέχουν περίθαλψιν εἰς τοὺς πρόσφυγας. Ἡ μετάβασις τῶν προσφύγων εἰς Θεσσαλονίκην ἀπαγορεύθη.

ΠΟΤΕ ΟΙ ΣΥΜΜΑΧΟΙ
ΘΑ ΔΕΧΘΟΥΝ ΤΗΝ ΕΙΡΗΝΗΝ
ΙΔΙΑΙΤΕΡΟΝ ΤΗΛΕΓΡΑΦΗΜΑ ΤΟΥ ΣΥΝΤΑΚΤΟΥ ΜΑΣ

ΠΑΡΙΣΙΟΙ, πρωΐα Κυριακῆς.— Ὁ «Τάν» γράφει σήμερον τὸν λόγον τοῦ Γερμανοῦ καγκελαρίου εἰς τὸ Ῥάϊχσταγ ὅτι οἱ Σύμμαχοι πρέπει νὰ συνομολογήσουν εἰρήνην ἐπὶ τῇ βάσει τῶν ὅρων τοῦ Κάϊζερ. Αἱ συνέπειαι θὰ εἶναι ὅτι οἱ Σύμμαχοι ἐκδόθησαν πρὸς τὴν εἰρήνην τὴν ὁποίαν ἐπιθυμεῖ ἡ Γερμανία καὶ ὅτι θὰ παρασχεθῇ εἰς τὰς συμμάχους χώρας ἡ εὐκαιρία.
